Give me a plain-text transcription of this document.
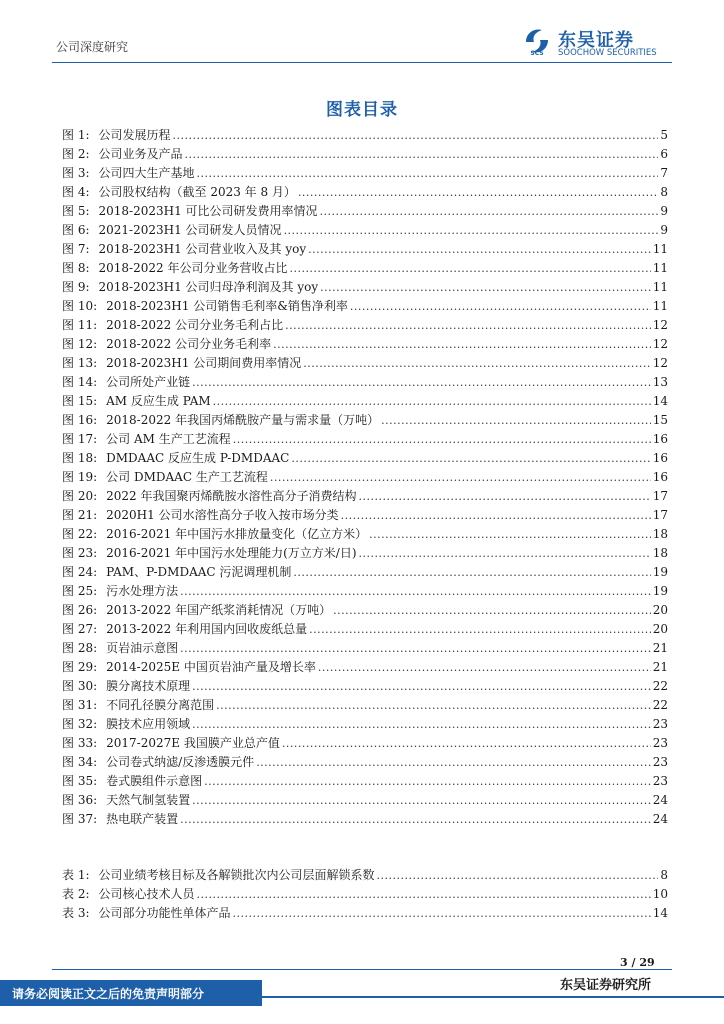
公司深度研究	SCS
东吴证券
SOOCHOW SECURITIES
图表目录
图 1: 公司发展历程 .....	5
图 2: 公司业务及产品 .....	6
图 3: 公司四大生产基地 .....	7
图 4: 公司股权结构（截至 2023 年 8 月） .....	8
图 5: 2018-2023H1 可比公司研发费用率情况 .....	9
图 6: 2021-2023H1 公司研发人员情况 .....	9
图 7: 2018-2023H1 公司营业收入及其 yoy .....	11
图 8: 2018-2022 年公司分业务营收占比 .....	11
图 9: 2018-2023H1 公司归母净利润及其 yoy .....	11
图 10: 2018-2023H1 公司销售毛利率&销售净利率 .....	11
图 11: 2018-2022 公司分业务毛利占比 .....	12
图 12: 2018-2022 公司分业务毛利率 .....	12
图 13: 2018-2023H1 公司期间费用率情况 .....	12
图 14: 公司所处产业链 .....	13
图 15: AM 反应生成 PAM .....	14
图 16: 2018-2022 年我国丙烯酰胺产量与需求量（万吨） .....	15
图 17: 公司 AM 生产工艺流程 .....	16
图 18: DMDAAC 反应生成 P-DMDAAC .....	16
图 19: 公司 DMDAAC 生产工艺流程 .....	16
图 20: 2022 年我国聚丙烯酰胺水溶性高分子消费结构 .....	17
图 21: 2020H1 公司水溶性高分子收入按市场分类 .....	17
图 22: 2016-2021 年中国污水排放量变化（亿立方米） .....	18
图 23: 2016-2021 年中国污水处理能力(万立方米/日) .....	18
图 24: PAM、P-DMDAAC 污泥调理机制 .....	19
图 25: 污水处理方法 .....	19
图 26: 2013-2022 年国产纸浆消耗情况（万吨） .....	20
图 27: 2013-2022 年利用国内回收废纸总量 .....	20
图 28: 页岩油示意图 .....	21
图 29: 2014-2025E 中国页岩油产量及增长率 .....	21
图 30: 膜分离技术原理 .....	22
图 31: 不同孔径膜分离范围 .....	22
图 32: 膜技术应用领域 .....	23
图 33: 2017-2027E 我国膜产业总产值 .....	23
图 34: 公司卷式纳滤/反渗透膜元件 .....	23
图 35: 卷式膜组件示意图 .....	23
图 36: 天然气制氢装置 .....	24
图 37: 热电联产装置 .....	24
表 1: 公司业绩考核目标及各解锁批次内公司层面解锁系数 .....	8
表 2: 公司核心技术人员 .....	10
表 3: 公司部分功能性单体产品 .....	14
3 / 29
请务必阅读正文之后的免责声明部分
东吴证券研究所
